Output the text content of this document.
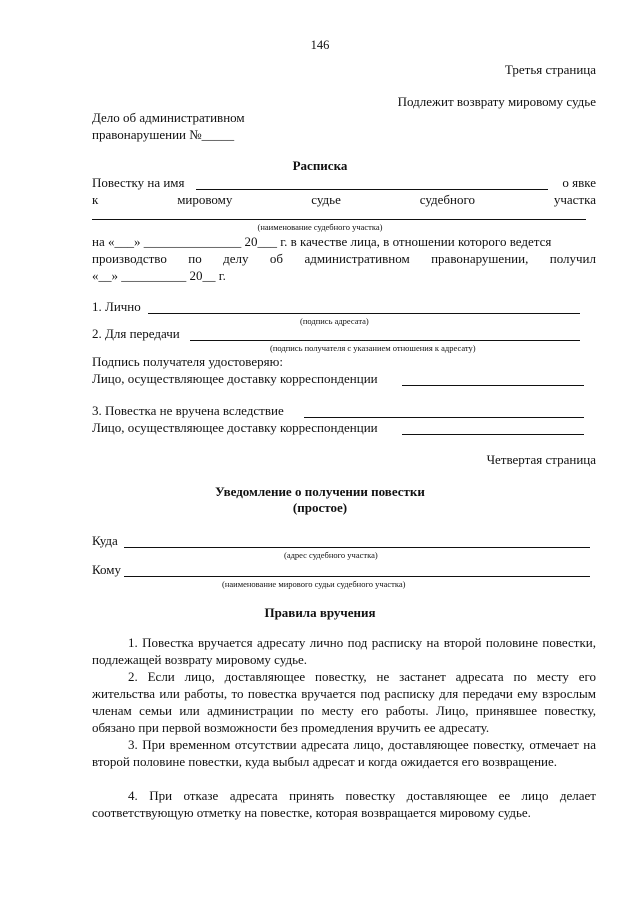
146
Третья страница
Подлежит возврату мировому судье
Дело об административном
правонарушении №_____
Расписка
Повестку на имя	о явке
к	мировому	судье	судебного	участка
(наименование судебного участка)
на «___» _______________ 20___ г. в качестве лица, в отношении которого ведется
производство по делу об административном правонарушении, получил
«__» __________ 20__ г.
1. Лично
(подпись адресата)
2. Для передачи
(подпись получателя с указанием отношения к адресату)
Подпись получателя удостоверяю:
Лицо, осуществляющее доставку корреспонденции
3. Повестка не вручена вследствие
Лицо, осуществляющее доставку корреспонденции
Четвертая страница
Уведомление о получении повестки
(простое)
Куда
(адрес судебного участка)
Кому
(наименование мирового судьи судебного участка)
Правила вручения
1. Повестка вручается адресату лично под расписку на второй половине повестки, подлежащей возврату мировому судье.
2. Если лицо, доставляющее повестку, не застанет адресата по месту его жительства или работы, то повестка вручается под расписку для передачи ему взрослым членам семьи или администрации по месту его работы. Лицо, принявшее повестку, обязано при первой возможности без промедления вручить ее адресату.
3. При временном отсутствии адресата лицо, доставляющее повестку, отмечает на второй половине повестки, куда выбыл адресат и когда ожидается его возвращение.
4. При отказе адресата принять повестку доставляющее ее лицо делает соответствующую отметку на повестке, которая возвращается мировому судье.
